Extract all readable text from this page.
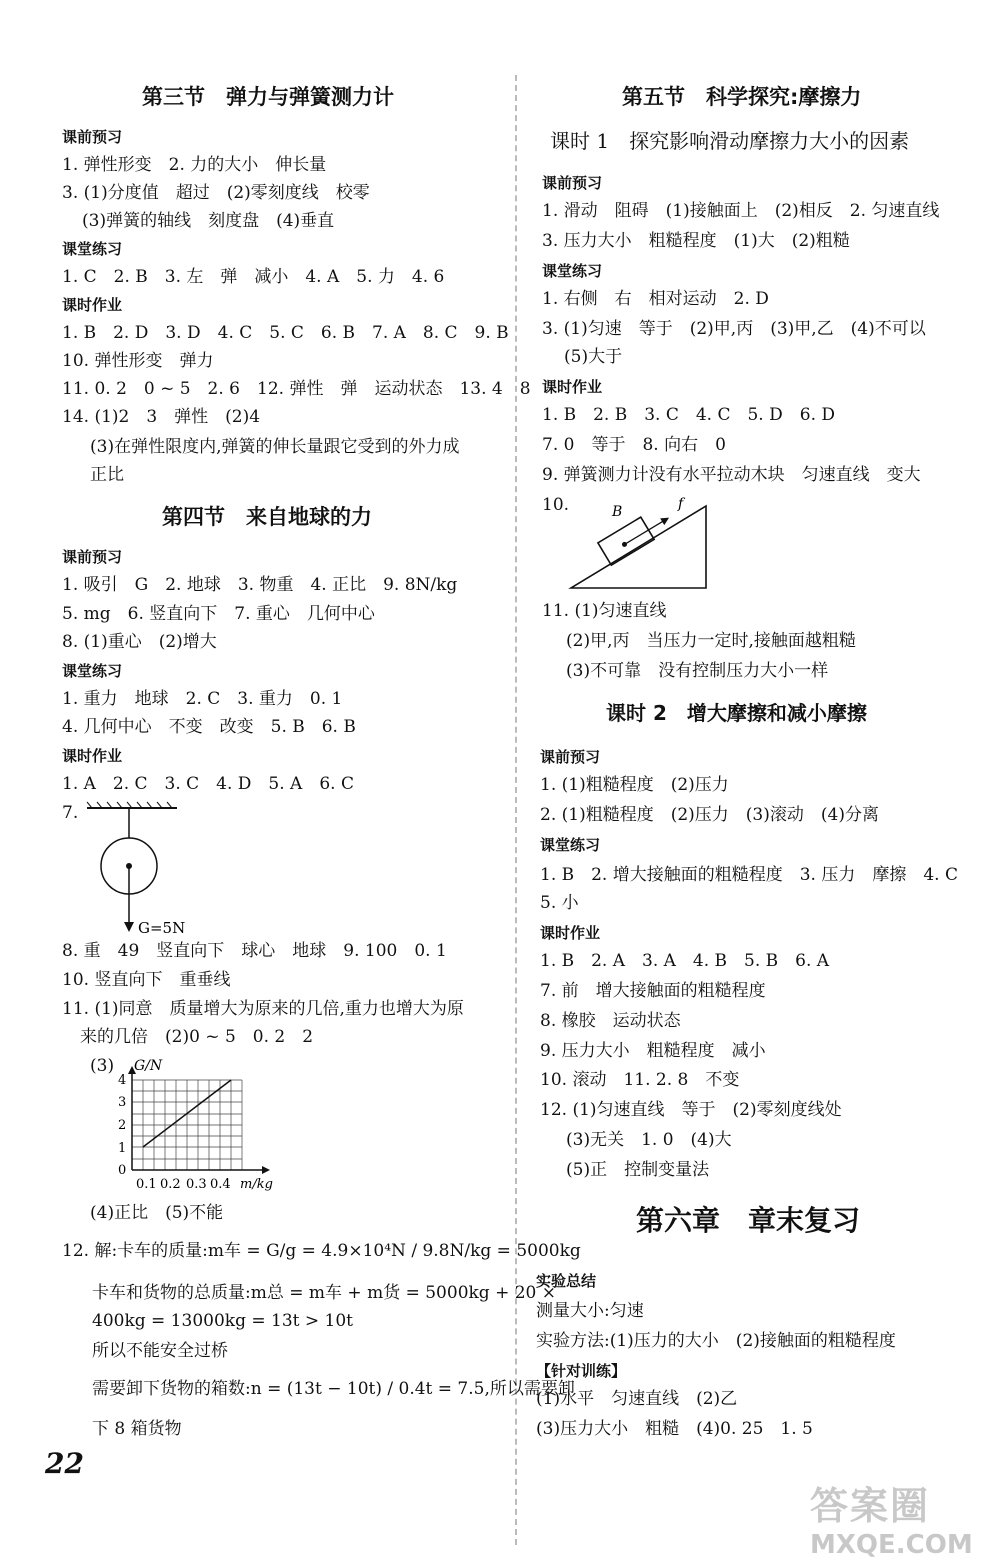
第三节　弹力与弹簧测力计
课前预习
1. 弹性形变　2. 力的大小　伸长量
3. (1)分度值　超过　(2)零刻度线　校零
(3)弹簧的轴线　刻度盘　(4)垂直
课堂练习
1. C　2. B　3. 左　弹　减小　4. A　5. 力　4. 6
课时作业
1. B　2. D　3. D　4. C　5. C　6. B　7. A　8. C　9. B
10. 弹性形变　弹力
11. 0. 2　0 ~ 5　2. 6　12. 弹性　弹　运动状态　13. 4　8
14. (1)2　3　弹性　(2)4
(3)在弹性限度内,弹簧的伸长量跟它受到的外力成
正比
第四节　来自地球的力
课前预习
1. 吸引　G　2. 地球　3. 物重　4. 正比　9. 8N/kg
5. mg　6. 竖直向下　7. 重心　几何中心
8. (1)重心　(2)增大
课堂练习
1. 重力　地球　2. C　3. 重力　0. 1
4. 几何中心　不变　改变　5. B　6. B
课时作业
1. A　2. C　3. C　4. D　5. A　6. C
7.
G=5N
8. 重　49　竖直向下　球心　地球　9. 100　0. 1
10. 竖直向下　重垂线
11. (1)同意　质量增大为原来的几倍,重力也增大为原
来的几倍　(2)0 ~ 5　0. 2　2
(3) G/N
0
1
2
3
4
0.1 0.2 0.3 0.4 m/kg
(4)正比　(5)不能
12. 解:卡车的质量:m车 = G/g = 4.9×10⁴N / 9.8N/kg = 5000kg
卡车和货物的总质量:m总 = m车 + m货 = 5000kg + 20 ×
400kg = 13000kg = 13t > 10t
所以不能安全过桥
需要卸下货物的箱数:n = (13t − 10t) / 0.4t = 7.5,所以需要卸
下 8 箱货物
第五节　科学探究:摩擦力
课时 1　探究影响滑动摩擦力大小的因素
课前预习
1. 滑动　阻碍　(1)接触面上　(2)相反　2. 匀速直线
3. 压力大小　粗糙程度　(1)大　(2)粗糙
课堂练习
1. 右侧　右　相对运动　2. D
3. (1)匀速　等于　(2)甲,丙　(3)甲,乙　(4)不可以
(5)大于
课时作业
1. B　2. B　3. C　4. C　5. D　6. D
7. 0　等于　8. 向右　0
9. 弹簧测力计没有水平拉动木块　匀速直线　变大
10.	B	f
11. (1)匀速直线
(2)甲,丙　当压力一定时,接触面越粗糙
(3)不可靠　没有控制压力大小一样
课时 2　增大摩擦和减小摩擦
课前预习
1. (1)粗糙程度　(2)压力
2. (1)粗糙程度　(2)压力　(3)滚动　(4)分离
课堂练习
1. B　2. 增大接触面的粗糙程度　3. 压力　摩擦　4. C
5. 小
课时作业
1. B　2. A　3. A　4. B　5. B　6. A
7. 前　增大接触面的粗糙程度
8. 橡胶　运动状态
9. 压力大小　粗糙程度　减小
10. 滚动　11. 2. 8　不变
12. (1)匀速直线　等于　(2)零刻度线处
(3)无关　1. 0　(4)大
(5)正　控制变量法
第六章　章末复习
实验总结
测量大小:匀速
实验方法:(1)压力的大小　(2)接触面的粗糙程度
【针对训练】
(1)水平　匀速直线　(2)乙
(3)压力大小　粗糙　(4)0. 25　1. 5
22
答案圈
MXQE.COM
